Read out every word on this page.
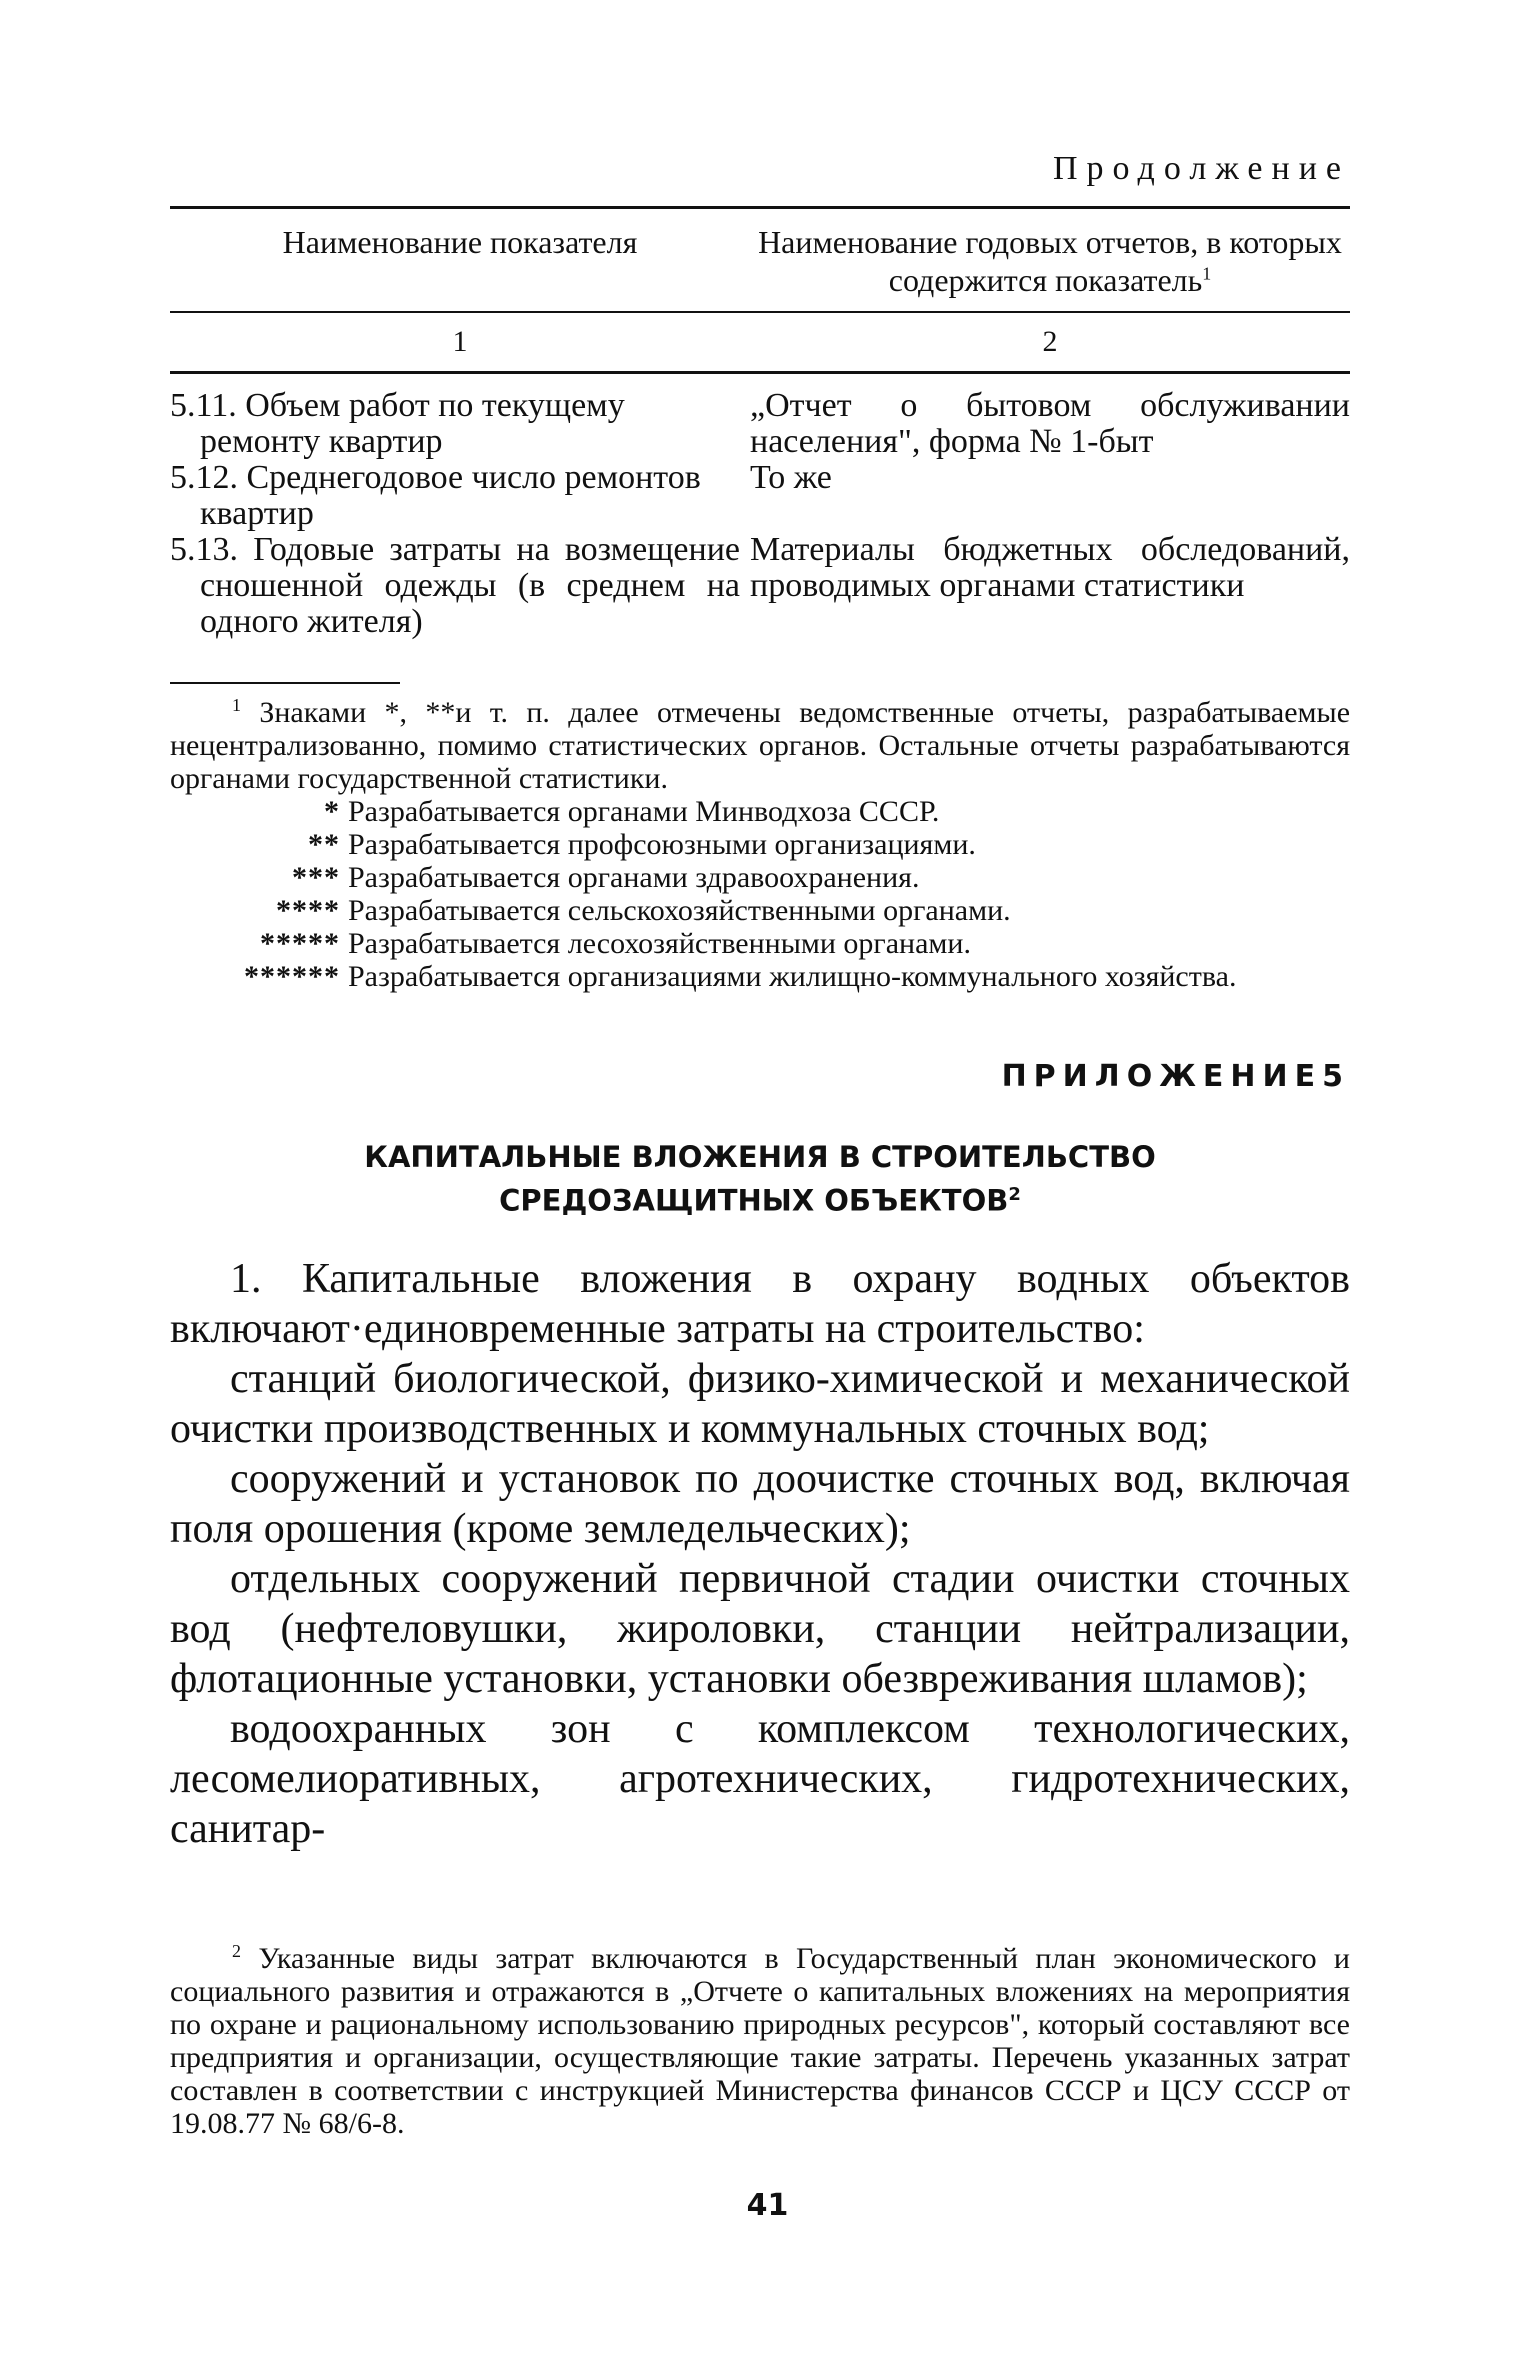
Продолжение
Наименование показателя	Наименование годовых отчетов, в которых содержится показатель$^1$
1	2

5.11. Объем работ по текущему ремонту квартир	„Отчет о бытовом обслуживании населения", форма № 1-быт

5.12. Среднегодовое число ремонтов квартир	То же

5.13. Годовые затраты на возмещение сношенной одежды (в среднем на одного жителя)	Материалы бюджетных обследований, проводимых органами статистики

$^1$ Знаками *, **и т. п. далее отмечены ведомственные отчеты, разрабатываемые нецентрализованно, помимо статистических органов. Остальные отчеты разрабатываются органами государственной статистики.

* Разрабатывается органами Минводхоза СССР.
** Разрабатывается профсоюзными организациями.
*** Разрабатывается органами здравоохранения.
**** Разрабатывается сельскохозяйственными органами.
***** Разрабатывается лесохозяйственными органами.
****** Разрабатывается организациями жилищно-коммунального хозяйства.
ПРИЛОЖЕНИЕ5
КАПИТАЛЬНЫЕ ВЛОЖЕНИЯ В СТРОИТЕЛЬСТВО
СРЕДОЗАЩИТНЫХ ОБЪЕКТОВ$^2$

1. Капитальные вложения в охрану водных объектов включают·единовременные затраты на строительство:

станций биологической, физико-химической и механической очистки производственных и коммунальных сточных вод;

сооружений и установок по доочистке сточных вод, включая поля орошения (кроме земледельческих);

отдельных сооружений первичной стадии очистки сточных вод (нефтеловушки, жироловки, станции нейтрализации, флотационные установки, установки обезвреживания шламов);

водоохранных зон с комплексом технологических, лесомелиоративных, агротехнических, гидротехнических, санитар-

$^2$ Указанные виды затрат включаются в Государственный план экономического и социального развития и отражаются в „Отчете о капитальных вложениях на мероприятия по охране и рациональному использованию природных ресурсов", который составляют все предприятия и организации, осуществляющие такие затраты. Перечень указанных затрат составлен в соответствии с инструкцией Министерства финансов СССР и ЦСУ СССР от 19.08.77 № 68/6-8.

41
